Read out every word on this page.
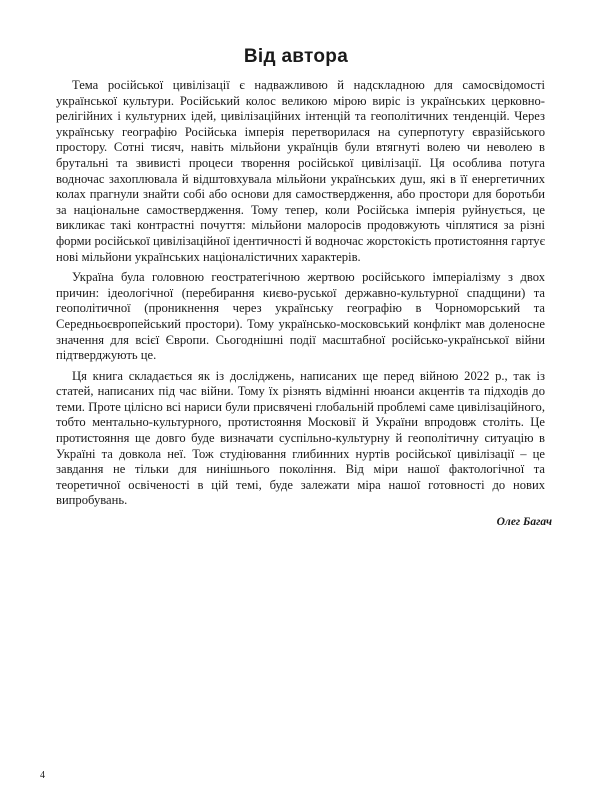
Від автора

Тема російської цивілізації є надважливою й надскладною для самосвідомості української культури. Російський колос великою мірою виріс із українських церковно-релігійних і культурних ідей, цивілізаційних інтенцій та геополітичних тенденцій. Через українську географію Російська імперія перетворилася на суперпотугу євразійського простору. Сотні тисяч, навіть мільйони українців були втягнуті волею чи неволею в брутальні та звивисті процеси творення російської цивілізації. Ця особлива потуга водночас захоплювала й відштовхувала мільйони українських душ, які в її енергетичних колах прагнули знайти собі або основи для самоствердження, або простори для боротьби за національне самоствердження. Тому тепер, коли Російська імперія руйнується, це викликає такі контрастні почуття: мільйони малоросів продовжують чіплятися за різні форми російської цивілізаційної ідентичності й водночас жорстокість протистояння гартує нові мільйони українських націоналістичних характерів.

Україна була головною геостратегічною жертвою російського імперіалізму з двох причин: ідеологічної (перебирання києво-руської державно-культурної спадщини) та геополітичної (проникнення через українську географію в Чорноморський та Середньоєвропейський простори). Тому українсько-московський конфлікт мав доленосне значення для всієї Європи. Сьогоднішні події масштабної російсько-української війни підтверджують це.

Ця книга складається як із досліджень, написаних ще перед війною 2022 р., так із статей, написаних під час війни. Тому їх різнять відмінні нюанси акцентів та підходів до теми. Проте цілісно всі нариси були присвячені глобальній проблемі саме цивілізаційного, тобто ментально-культурного, протистояння Московії й України впродовж століть. Це протистояння ще довго буде визначати суспільно-культурну й геополітичну ситуацію в Україні та довкола неї. Тож студіювання глибинних нуртів російської цивілізації – це завдання не тільки для нинішнього покоління. Від міри нашої фактологічної та теоретичної освіченості в цій темі, буде залежати міра нашої готовності до нових випробувань.

Олег Багач
4
